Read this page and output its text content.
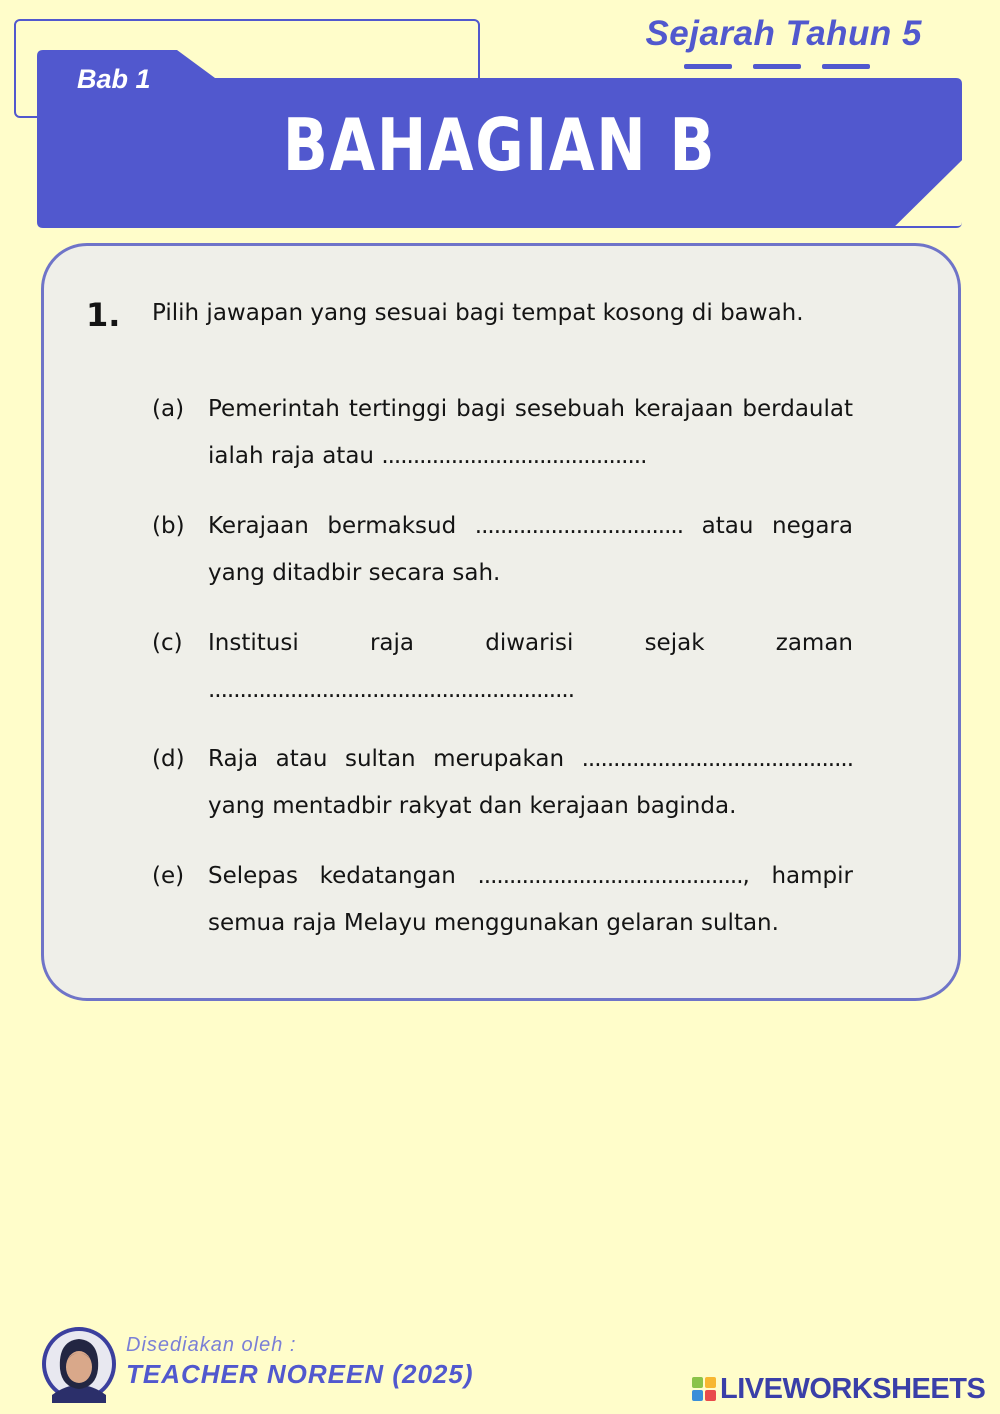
Sejarah Tahun 5
Bab 1
BAHAGIAN B
1. Pilih jawapan yang sesuai bagi tempat kosong di bawah.
(a) Pemerintah tertinggi bagi sesebuah kerajaan berdaulat ialah raja atau ..........................................
(b) Kerajaan bermaksud ................................. atau negara yang ditadbir secara sah.
(c) Institusi raja diwarisi sejak zaman ..........................................................
(d) Raja atau sultan merupakan ........................................... yang mentadbir rakyat dan kerajaan baginda.
(e) Selepas kedatangan .........................................., hampir semua raja Melayu menggunakan gelaran sultan.
Disediakan oleh :
TEACHER NOREEN (2025)	LIVEWORKSHEETS
